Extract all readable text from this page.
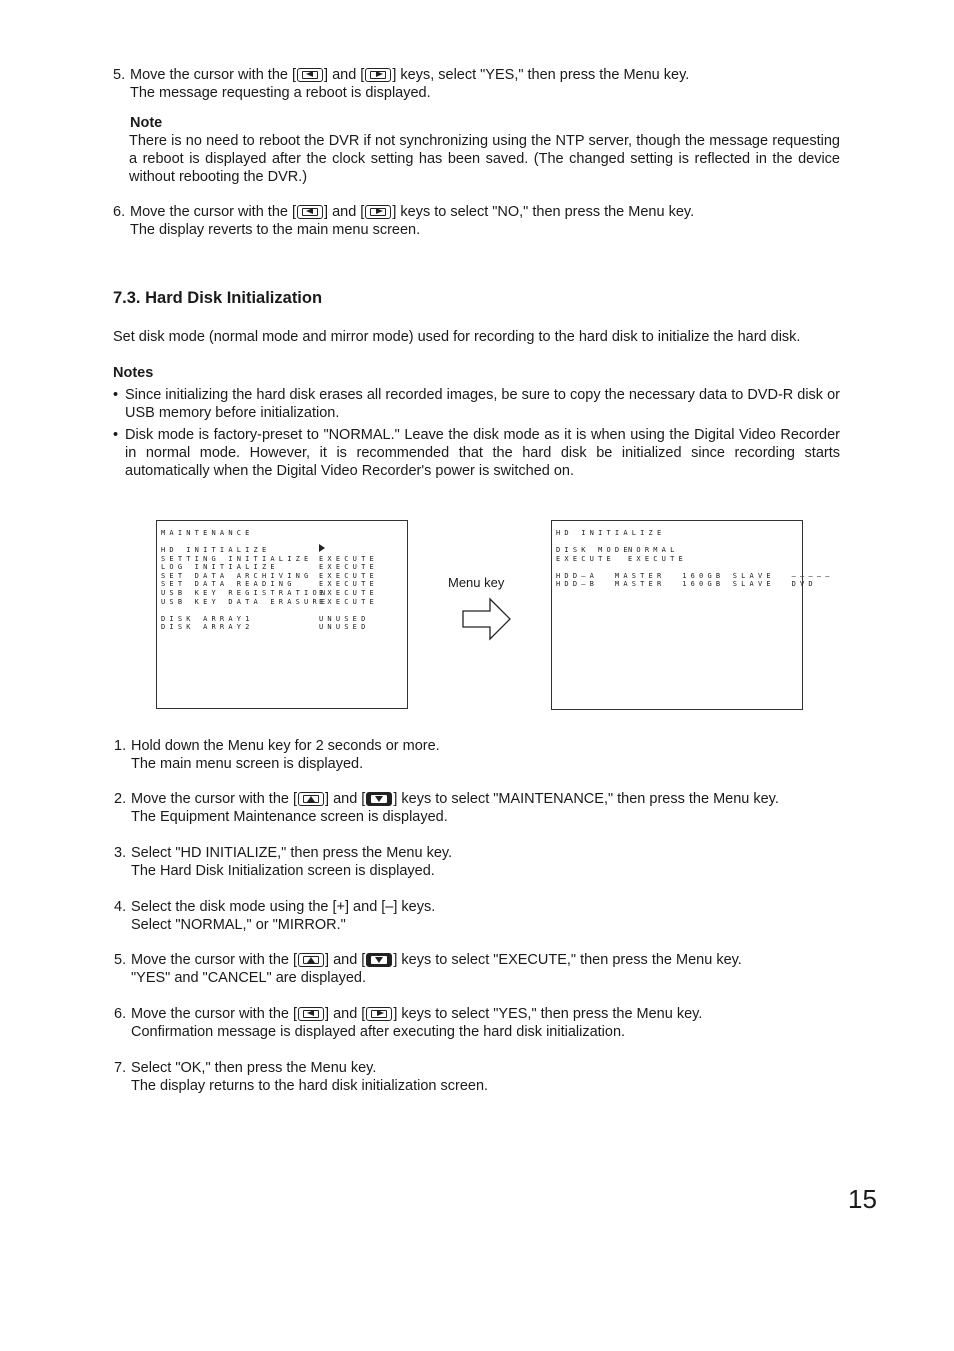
5. Move the cursor with the [ ] and [ ] keys, select "YES," then press the Menu key.
The message requesting a reboot is displayed.
Note
There is no need to reboot the DVR if not synchronizing using the NTP server, though the message requesting a reboot is displayed after the clock setting has been saved. (The changed setting is reflected in the device without rebooting the DVR.)
6. Move the cursor with the [ ] and [ ] keys to select "NO," then press the Menu key.
The display reverts to the main menu screen.
7.3. Hard Disk Initialization
Set disk mode (normal mode and mirror mode) used for recording to the hard disk to initialize the hard disk.
Notes
• Since initializing the hard disk erases all recorded images, be sure to copy the necessary data to DVD-R disk or USB memory before initialization.
• Disk mode is factory-preset to "NORMAL." Leave the disk mode as it is when using the Digital Video Recorder in normal mode. However, it is recommended that the hard disk be initialized since recording starts automatically when the Digital Video Recorder's power is switched on.
MAINTENANCE
HD INITIALIZE
SETTING INITIALIZE
LOG INITIALIZE
SET DATA ARCHIVING
SET DATA READING
USB KEY REGISTRATION
USB KEY DATA ERASURE
DISK ARRAY1
DISK ARRAY2
EXECUTE
EXECUTE
EXECUTE
EXECUTE
EXECUTE
EXECUTE
UNUSED
UNUSED
Menu key
HD INITIALIZE
DISK MODE
NORMAL
EXECUTE EXECUTE
HDD–A  MASTER  160GB SLAVE  –––––
HDD–B  MASTER  160GB SLAVE  DVD
1. Hold down the Menu key for 2 seconds or more.
The main menu screen is displayed.
2. Move the cursor with the [ ] and [ ] keys to select "MAINTENANCE," then press the Menu key.
The Equipment Maintenance screen is displayed.
3. Select "HD INITIALIZE," then press the Menu key.
The Hard Disk Initialization screen is displayed.
4. Select the disk mode using the [+] and [–] keys.
Select "NORMAL," or "MIRROR."
5. Move the cursor with the [ ] and [ ] keys to select "EXECUTE," then press the Menu key.
"YES" and "CANCEL" are displayed.
6. Move the cursor with the [ ] and [ ] keys to select "YES," then press the Menu key.
Confirmation message is displayed after executing the hard disk initialization.
7. Select "OK," then press the Menu key.
The display returns to the hard disk initialization screen.
15
